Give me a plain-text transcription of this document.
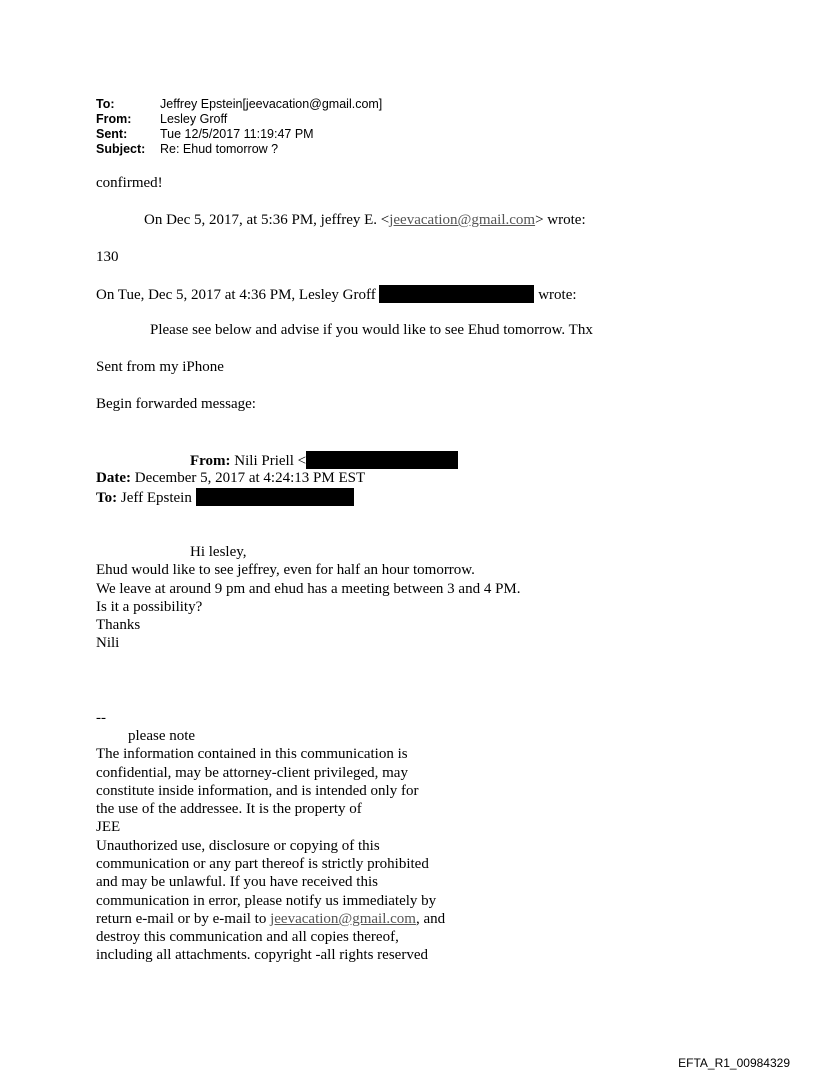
To:	Jeffrey Epstein[jeevacation@gmail.com]
From: Lesley Groff
Sent:	Tue 12/5/2017 11:19:47 PM
Subject: Re: Ehud tomorrow ?
confirmed!
On Dec 5, 2017, at 5:36 PM, jeffrey E. <jeevacation@gmail.com> wrote:
130
On Tue, Dec 5, 2017 at 4:36 PM, Lesley Groff	wrote:
Please see below and advise if you would like to see Ehud tomorrow. Thx
Sent from my iPhone
Begin forwarded message:
From: Nili Priell <
Date: December 5, 2017 at 4:24:13 PM EST
To: Jeff Epstein
Hi lesley,
Ehud would like to see jeffrey, even for half an hour tomorrow.
We leave at around 9 pm and ehud has a meeting between 3 and 4 PM.
Is it a possibility?
Thanks
Nili
--
please note
The information contained in this communication is
confidential, may be attorney-client privileged, may
constitute inside information, and is intended only for
the use of the addressee. It is the property of
JEE
Unauthorized use, disclosure or copying of this
communication or any part thereof is strictly prohibited
and may be unlawful. If you have received this
communication in error, please notify us immediately by
return e-mail or by e-mail to jeevacation@gmail.com, and
destroy this communication and all copies thereof,
including all attachments. copyright -all rights reserved
EFTA_R1_00984329
